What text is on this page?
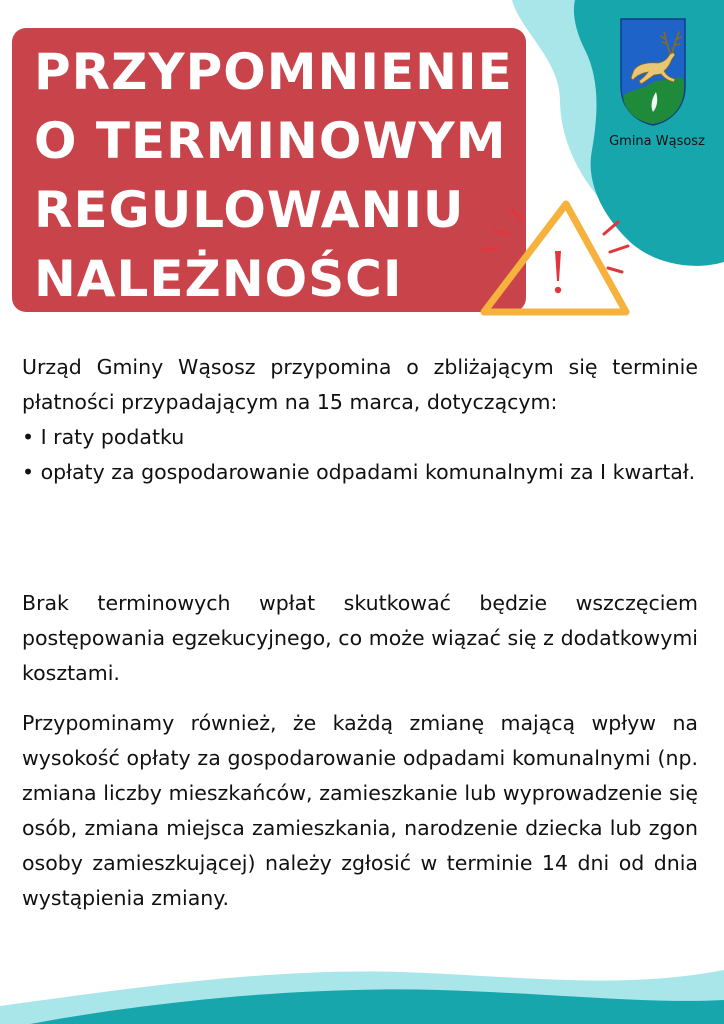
PRZYPOMNIENIE
O TERMINOWYM
REGULOWANIU
NALEŻNOŚCI
Gmina Wąsosz
Urząd Gminy Wąsosz przypomina o zbliżającym się terminie płatności przypadającym na 15 marca, dotyczącym:
• I raty podatku
• opłaty za gospodarowanie odpadami komunalnymi za I kwartał.
Brak terminowych wpłat skutkować będzie wszczęciem postępowania egzekucyjnego, co może wiązać się z dodatkowymi kosztami.
Przypominamy również, że każdą zmianę mającą wpływ na wysokość opłaty za gospodarowanie odpadami komunalnymi (np. zmiana liczby mieszkańców, zamieszkanie lub wyprowadzenie się osób, zmiana miejsca zamieszkania, narodzenie dziecka lub zgon osoby zamieszkującej) należy zgłosić w terminie 14 dni od dnia wystąpienia zmiany.
